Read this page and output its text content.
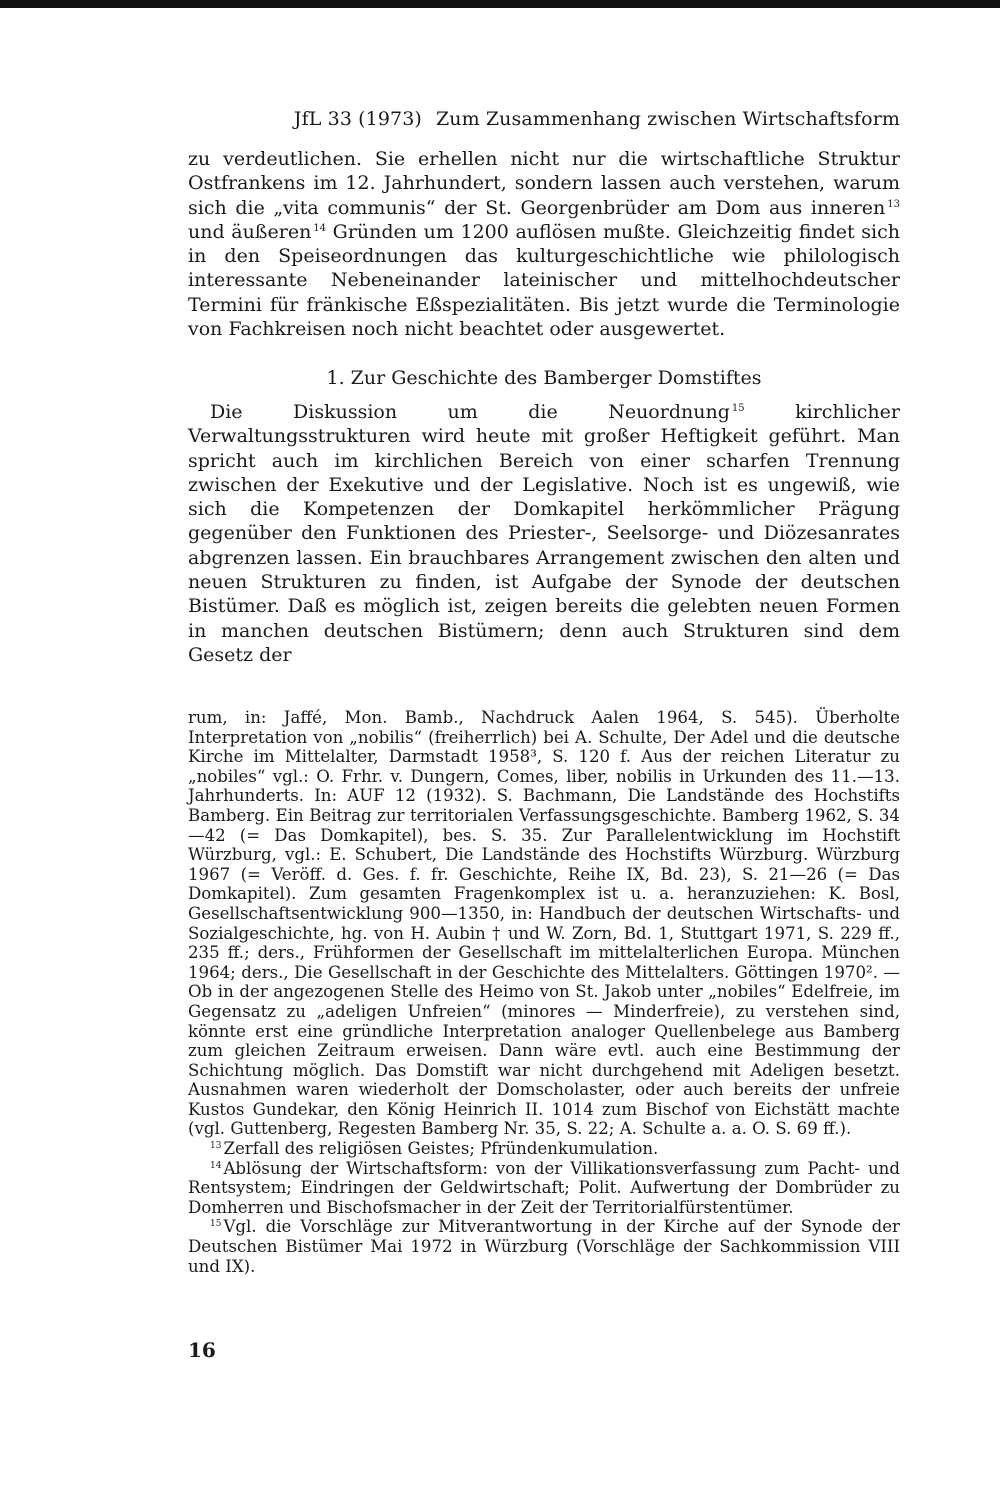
JfL 33 (1973) Zum Zusammenhang zwischen Wirtschaftsform

zu verdeutlichen. Sie erhellen nicht nur die wirtschaftliche Struktur Ostfrankens im 12. Jahrhundert, sondern lassen auch verstehen, warum sich die „vita communis“ der St. Georgenbrüder am Dom aus inneren $^{13}$ und äußeren $^{14}$ Gründen um 1200 auflösen mußte. Gleichzeitig findet sich in den Speiseordnungen das kulturgeschichtliche wie philologisch interessante Nebeneinander lateinischer und mittelhochdeutscher Termini für fränkische Eßspezialitäten. Bis jetzt wurde die Terminologie von Fachkreisen noch nicht beachtet oder ausgewertet.

1. Zur Geschichte des Bamberger Domstiftes

Die Diskussion um die Neuordnung $^{15}$	kirchlicher Verwaltungsstrukturen wird heute mit großer Heftigkeit geführt. Man spricht auch im kirchlichen Bereich von einer scharfen Trennung zwischen der Exekutive und der Legislative. Noch ist es ungewiß, wie sich die Kompetenzen der Domkapitel herkömmlicher Prägung gegenüber den Funktionen des Priester-, Seelsorge- und Diözesanrates abgrenzen lassen. Ein brauchbares Arrangement zwischen den alten und neuen Strukturen zu finden, ist Aufgabe der Synode der deutschen Bistümer. Daß es möglich ist, zeigen bereits die gelebten neuen Formen in manchen deutschen Bistümern; denn auch Strukturen sind dem Gesetz der

rum, in: Jaffé, Mon. Bamb., Nachdruck Aalen 1964, S. 545). Überholte Interpretation von „nobilis“ (freiherrlich) bei A. Schulte, Der Adel und die deutsche Kirche im Mittelalter, Darmstadt 1958³, S. 120 f. Aus der reichen Literatur zu „nobiles“ vgl.: O. Frhr. v. Dungern, Comes, liber, nobilis in Urkunden des 11.—13. Jahrhunderts. In: AUF 12 (1932). S. Bachmann, Die Landstände des Hochstifts Bamberg. Ein Beitrag zur territorialen Verfassungsgeschichte. Bamberg 1962, S. 34—42 (= Das Domkapitel), bes. S. 35. Zur Parallelentwicklung im Hochstift Würzburg, vgl.: E. Schubert, Die Landstände des Hochstifts Würzburg. Würzburg 1967 (= Veröff. d. Ges. f. fr. Geschichte, Reihe IX, Bd. 23), S. 21—26 (= Das Domkapitel). Zum gesamten Fragenkomplex ist u. a. heranzuziehen: K. Bosl, Gesellschaftsentwicklung 900—1350, in: Handbuch der deutschen Wirtschafts- und Sozialgeschichte, hg. von H. Aubin † und W. Zorn, Bd. 1, Stuttgart 1971, S. 229 ff., 235 ff.; ders., Frühformen der Gesellschaft im mittelalterlichen Europa. München 1964; ders., Die Gesellschaft in der Geschichte des Mittelalters. Göttingen 1970². — Ob in der angezogenen Stelle des Heimo von St. Jakob unter „nobiles“ Edelfreie, im Gegensatz zu „adeligen Unfreien“ (minores — Minderfreie), zu verstehen sind, könnte erst eine gründliche Interpretation analoger Quellenbelege aus Bamberg zum gleichen Zeitraum erweisen. Dann wäre evtl. auch eine Bestimmung der Schichtung möglich. Das Domstift war nicht durchgehend mit Adeligen besetzt. Ausnahmen waren wiederholt der Domscholaster, oder auch bereits der unfreie Kustos Gundekar, den König Heinrich II. 1014 zum Bischof von Eichstätt machte (vgl. Guttenberg, Regesten Bamberg Nr. 35, S. 22; A. Schulte a. a. O. S. 69 ff.).

$^{13}$ Zerfall des religiösen Geistes; Pfründenkumulation.

$^{14}$ Ablösung der Wirtschaftsform: von der Villikationsverfassung zum Pacht- und Rentsystem; Eindringen der Geldwirtschaft; Polit. Aufwertung der Dombrüder zu Domherren und Bischofsmacher in der Zeit der Territorialfürstentümer.

$^{15}$ Vgl. die Vorschläge zur Mitverantwortung in der Kirche auf der Synode der Deutschen Bistümer Mai 1972 in Würzburg (Vorschläge der Sachkommission VIII und IX).

16
